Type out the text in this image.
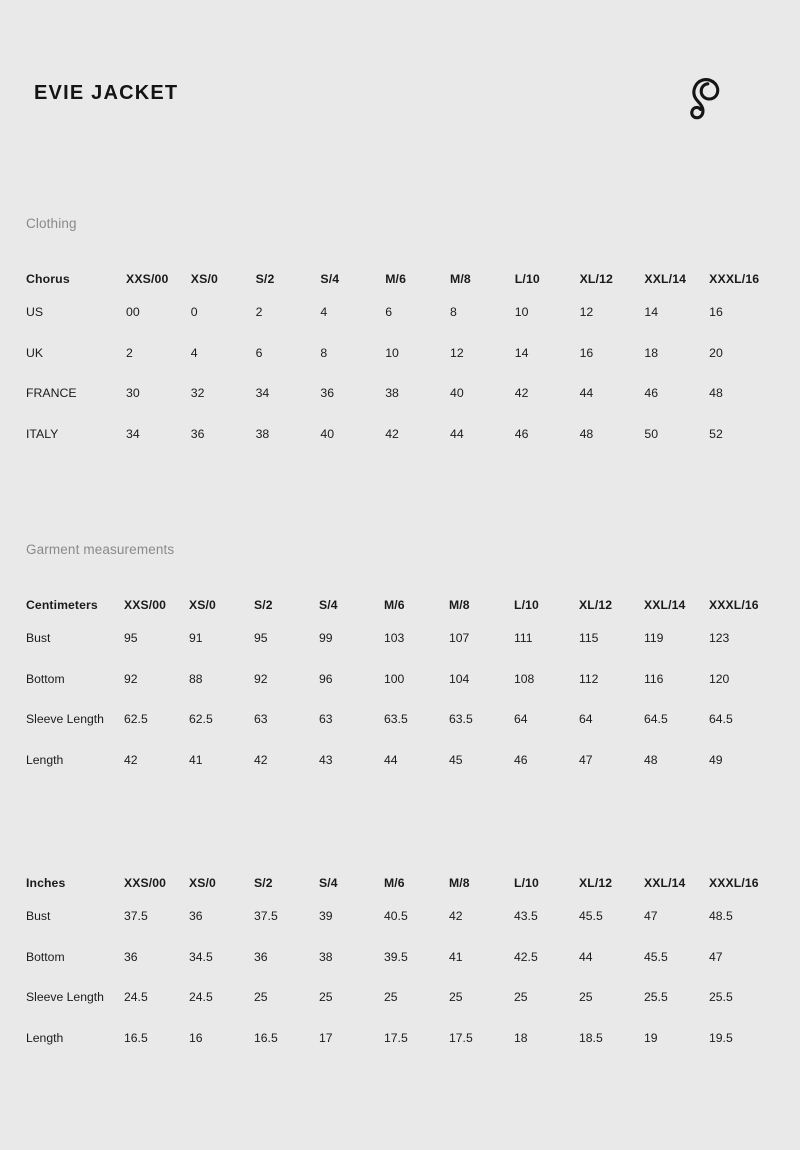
EVIE JACKET
Clothing
Chorus	XXS/00	XS/0	S/2	S/4	M/6	M/8	L/10	XL/12	XXL/14	XXXL/16
US	00	0	2	4	6	8	10	12	14	16
UK	2	4	6	8	10	12	14	16	18	20
FRANCE	30	32	34	36	38	40	42	44	46	48
ITALY	34	36	38	40	42	44	46	48	50	52
Garment measurements
Centimeters	XXS/00	XS/0	S/2	S/4	M/6	M/8	L/10	XL/12	XXL/14	XXXL/16
Bust	95	91	95	99	103	107	111	115	119	123
Bottom	92	88	92	96	100	104	108	112	116	120
Sleeve Length	62.5	62.5	63	63	63.5	63.5	64	64	64.5	64.5
Length	42	41	42	43	44	45	46	47	48	49
Inches	XXS/00	XS/0	S/2	S/4	M/6	M/8	L/10	XL/12	XXL/14	XXXL/16
Bust	37.5	36	37.5	39	40.5	42	43.5	45.5	47	48.5
Bottom	36	34.5	36	38	39.5	41	42.5	44	45.5	47
Sleeve Length	24.5	24.5	25	25	25	25	25	25	25.5	25.5
Length	16.5	16	16.5	17	17.5	17.5	18	18.5	19	19.5
